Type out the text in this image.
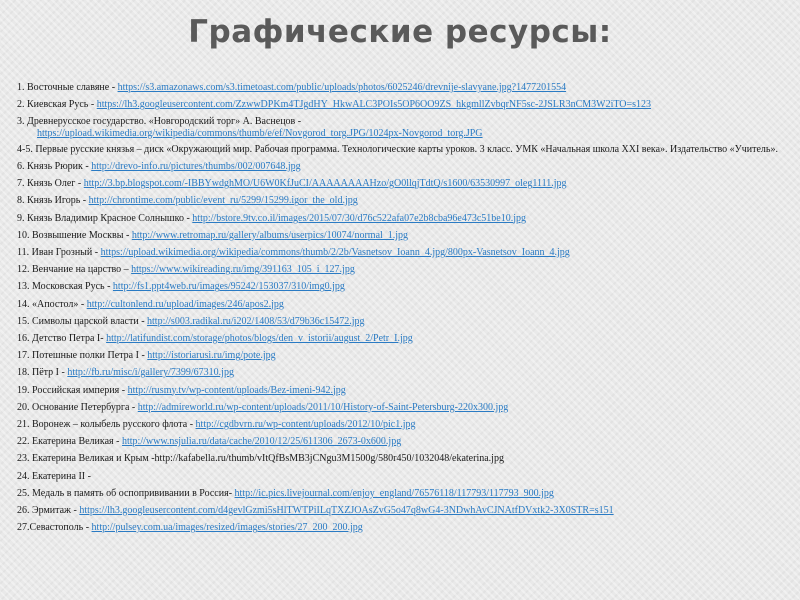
Графические ресурсы:
1. Восточные славяне - https://s3.amazonaws.com/s3.timetoast.com/public/uploads/photos/6025246/drevnije-slavyane.jpg?1477201554
2. Киевская Русь - https://lh3.googleusercontent.com/ZzwwDPKm4TJgdHY_HkwALC3POIs5OP6OO9ZS_hkgmllZvbqrNF5sc-2JSLR3nCM3W2iTO=s123
3. Древнерусское государство. «Новгородский торг» А. Васнецов -
https://upload.wikimedia.org/wikipedia/commons/thumb/e/ef/Novgorod_torg.JPG/1024px-Novgorod_torg.JPG
4-5. Первые русские князья – диск «Окружающий мир. Рабочая программа. Технологические карты уроков. 3 класс. УМК «Начальная школа XXI века». Издательство «Учитель».
6. Князь Рюрик - http://drevo-info.ru/pictures/thumbs/002/007648.jpg
7. Князь Олег - http://3.bp.blogspot.com/-IBBYwdghMO/U6W0KfJuCI/AAAAAAAAHzo/gO0llqjTdtQ/s1600/63530997_oleg1111.jpg
8. Князь Игорь - http://chrontime.com/public/event_ru/5299/15299.igor_the_old.jpg
9. Князь Владимир Красное Солнышко - http://bstore.9tv.co.il/images/2015/07/30/d76c522afa07e2b8cba96e473c51be10.jpg
10. Возвышение Москвы - http://www.retromap.ru/gallery/albums/userpics/10074/normal_1.jpg
11. Иван Грозный - https://upload.wikimedia.org/wikipedia/commons/thumb/2/2b/Vasnetsov_Ioann_4.jpg/800px-Vasnetsov_Ioann_4.jpg
12. Венчание на царство – https://www.wikireading.ru/img/391163_105_i_127.jpg
13. Московская Русь - http://fs1.ppt4web.ru/images/95242/153037/310/img0.jpg
14. «Апостол» - http://cultonlend.ru/upload/images/246/apos2.jpg
15. Символы царской власти - http://s003.radikal.ru/i202/1408/53/d79b36c15472.jpg
16. Детство Петра I- http://latifundist.com/storage/photos/blogs/den_v_istorii/august_2/Petr_I.jpg
17. Потешные полки Петра I - http://istoriarusi.ru/img/pote.jpg
18. Пётр I - http://fb.ru/misc/i/gallery/7399/67310.jpg
19. Российская империя - http://rusmy.tv/wp-content/uploads/Bez-imeni-942.jpg
20. Основание Петербурга - http://admireworld.ru/wp-content/uploads/2011/10/History-of-Saint-Petersburg-220x300.jpg
21. Воронеж – колыбель русского флота - http://cgdbvrn.ru/wp-content/uploads/2012/10/pic1.jpg
22. Екатерина Великая - http://www.nsjulia.ru/data/cache/2010/12/25/611306_2673-0x600.jpg
23. Екатерина Великая и Крым -http://kafabella.ru/thumb/vItQfBsMB3jCNgu3M1500g/580r450/1032048/ekaterina.jpg
24. Екатерина II -
25. Медаль в память об оспопрививании в Россия- http://ic.pics.livejournal.com/enjoy_england/76576118/117793/117793_900.jpg
26. Эрмитаж - https://lh3.googleusercontent.com/d4gevlGzmi5sHlTWTPiILqTXZJOAsZvG5o47q8wG4-3NDwhAvCJNAtfDVxtk2-3X0STR=s151
27.Севастополь - http://pulsey.com.ua/images/resized/images/stories/27_200_200.jpg
